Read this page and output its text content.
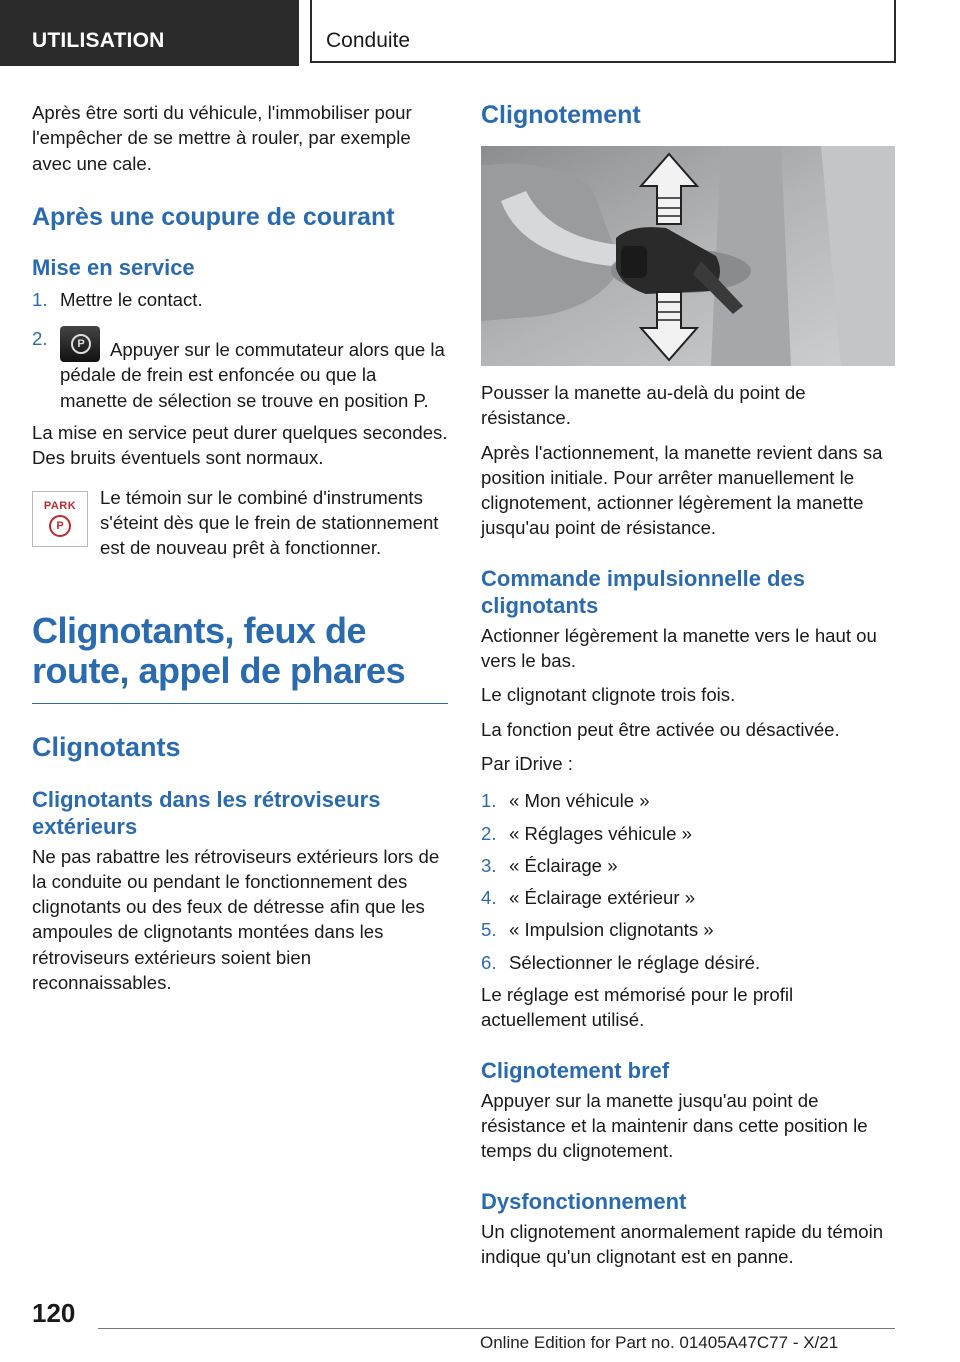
UTILISATION	Conduite

Après être sorti du véhicule, l'immobiliser pour l'empêcher de se mettre à rouler, par exemple avec une cale.

Après une coupure de courant
Mise en service
1. Mettre le contact.
2.	P	Appuyer sur le commutateur alors que la pédale de frein est enfoncée ou que la manette de sélection se trouve en position P.

La mise en service peut durer quelques secondes. Des bruits éventuels sont normaux.

PARK
P

Le témoin sur le combiné d'instruments s'éteint dès que le frein de stationnement est de nouveau prêt à fonctionner.

Clignotants, feux de route, appel de phares
Clignotants
Clignotants dans les rétroviseurs extérieurs

Ne pas rabattre les rétroviseurs extérieurs lors de la conduite ou pendant le fonctionnement des clignotants ou des feux de détresse afin que les ampoules de clignotants montées dans les rétroviseurs extérieurs soient bien reconnaissables.

Clignotement

Pousser la manette au-delà du point de résistance.

Après l'actionnement, la manette revient dans sa position initiale. Pour arrêter manuellement le clignotement, actionner légèrement la manette jusqu'au point de résistance.

Commande impulsionnelle des clignotants

Actionner légèrement la manette vers le haut ou vers le bas.

Le clignotant clignote trois fois.

La fonction peut être activée ou désactivée.

Par iDrive :

1. « Mon véhicule »
2. « Réglages véhicule »
3. « Éclairage »
4. « Éclairage extérieur »
5. « Impulsion clignotants »
6. Sélectionner le réglage désiré.

Le réglage est mémorisé pour le profil actuellement utilisé.

Clignotement bref

Appuyer sur la manette jusqu'au point de résistance et la maintenir dans cette position le temps du clignotement.

Dysfonctionnement

Un clignotement anormalement rapide du témoin indique qu'un clignotant est en panne.

120
Online Edition for Part no. 01405A47C77 - X/21
